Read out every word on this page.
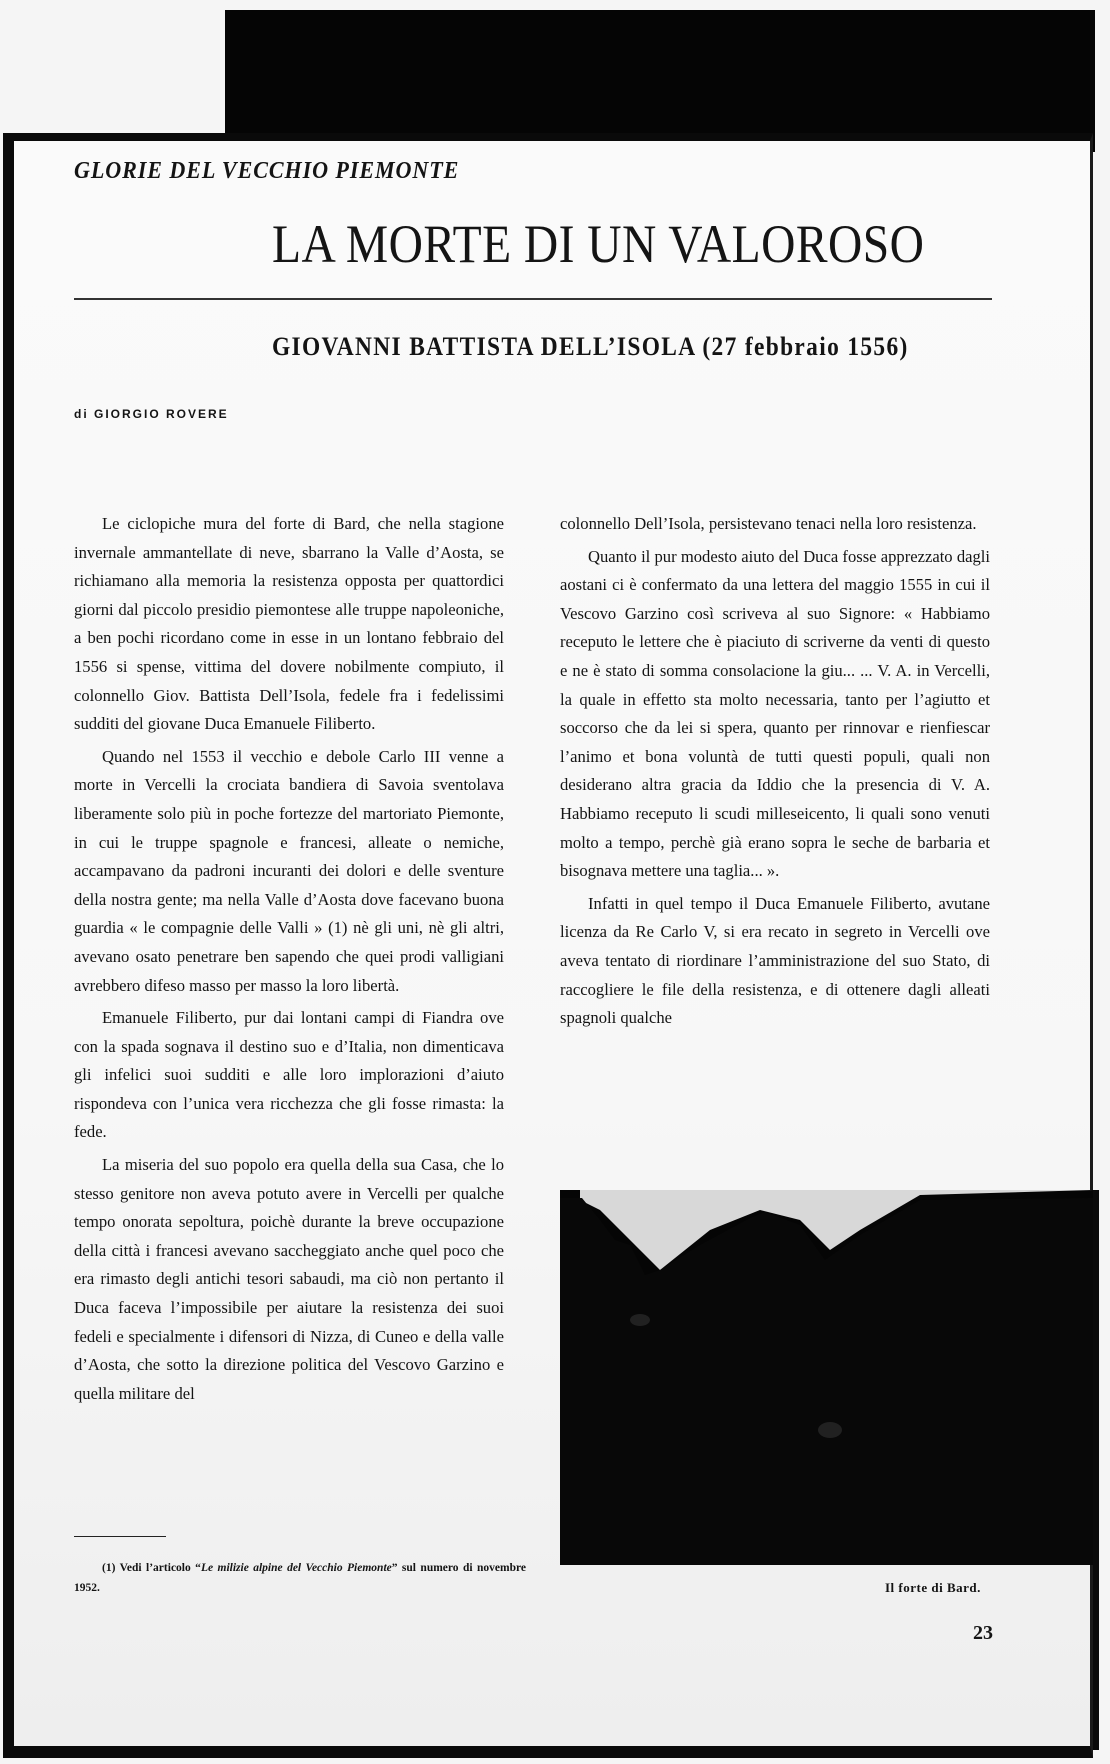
GLORIE DEL VECCHIO PIEMONTE
LA MORTE DI UN VALOROSO
GIOVANNI BATTISTA DELL’ISOLA (27 febbraio 1556)
di GIORGIO ROVERE

Le ciclopiche mura del forte di Bard, che nella stagione invernale ammantellate di neve, sbarrano la Valle d’Aosta, se richiamano alla memoria la resistenza opposta per quattordici giorni dal piccolo presidio piemontese alle truppe napoleoniche, a ben pochi ricordano come in esse in un lontano febbraio del 1556 si spense, vittima del dovere nobilmente compiuto, il colonnello Giov. Battista Dell’Isola, fedele fra i fedelissimi sudditi del giovane Duca Emanuele Filiberto.

Quando nel 1553 il vecchio e debole Carlo III venne a morte in Vercelli la crociata bandiera di Savoia sventolava liberamente solo più in poche fortezze del martoriato Piemonte, in cui le truppe spagnole e francesi, alleate o nemiche, accampavano da padroni incuranti dei dolori e delle sventure della nostra gente; ma nella Valle d’Aosta dove facevano buona guardia « le compagnie delle Valli » (1) nè gli uni, nè gli altri, avevano osato penetrare ben sapendo che quei prodi valligiani avrebbero difeso masso per masso la loro libertà.

Emanuele Filiberto, pur dai lontani campi di Fiandra ove con la spada sognava il destino suo e d’Italia, non dimenticava gli infelici suoi sudditi e alle loro implorazioni d’aiuto rispondeva con l’unica vera ricchezza che gli fosse rimasta: la fede.

La miseria del suo popolo era quella della sua Casa, che lo stesso genitore non aveva potuto avere in Vercelli per qualche tempo onorata sepoltura, poichè durante la breve occupazione della città i francesi avevano saccheggiato anche quel poco che era rimasto degli antichi tesori sabaudi, ma ciò non pertanto il Duca faceva l’impossibile per aiutare la resistenza dei suoi fedeli e specialmente i difensori di Nizza, di Cuneo e della valle d’Aosta, che sotto la direzione politica del Vescovo Garzino e quella militare del

colonnello Dell’Isola, persistevano tenaci nella loro resistenza.

Quanto il pur modesto aiuto del Duca fosse apprezzato dagli aostani ci è confermato da una lettera del maggio 1555 in cui il Vescovo Garzino così scriveva al suo Signore: « Habbiamo receputo le lettere che è piaciuto di scriverne da venti di questo e ne è stato di somma consolacione la giu... ... V. A. in Vercelli, la quale in effetto sta molto necessaria, tanto per l’agiutto et soccorso che da lei si spera, quanto per rinnovar e rienfiescar l’animo et bona voluntà de tutti questi populi, quali non desiderano altra gracia da Iddio che la presencia di V. A. Habbiamo receputo li scudi milleseicento, li quali sono venuti molto a tempo, perchè già erano sopra le seche de barbaria et bisognava mettere una taglia... ».

Infatti in quel tempo il Duca Emanuele Filiberto, avutane licenza da Re Carlo V, si era recato in segreto in Vercelli ove aveva tentato di riordinare l’amministrazione del suo Stato, di raccogliere le file della resistenza, e di ottenere dagli alleati spagnoli qualche

(1) Vedi l’articolo “Le milizie alpine del Vecchio Piemonte” sul numero di novembre 1952.	Il forte di Bard.
23
